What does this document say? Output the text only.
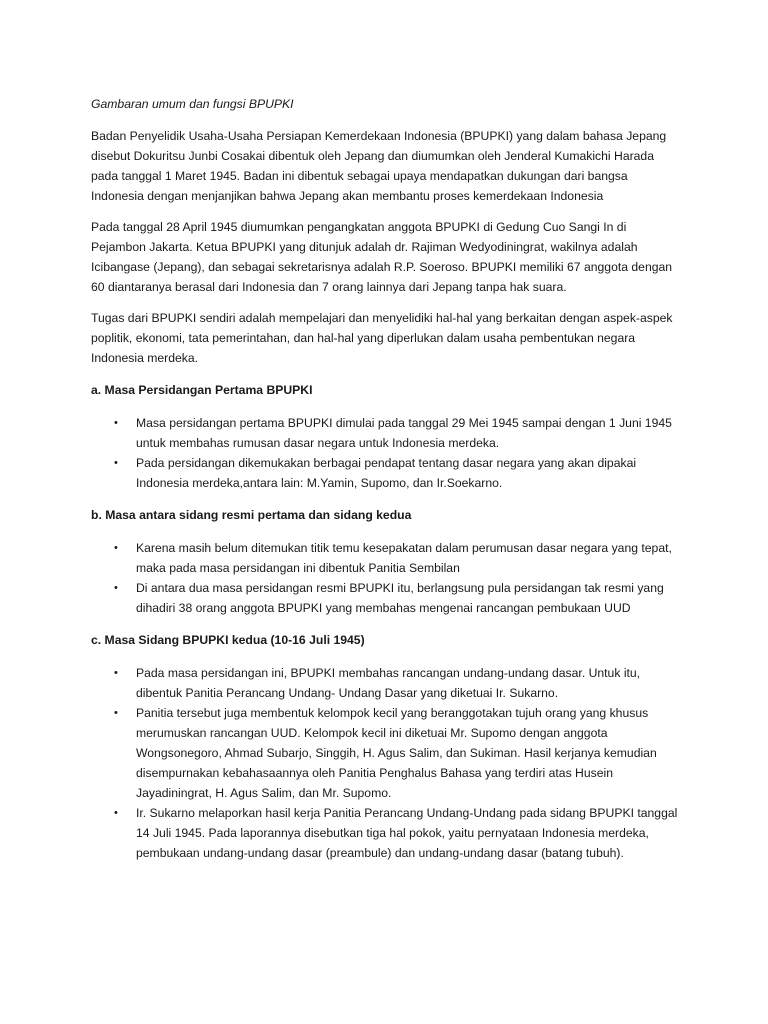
Gambaran umum dan fungsi BPUPKI

Badan Penyelidik Usaha-Usaha Persiapan Kemerdekaan Indonesia (BPUPKI) yang dalam bahasa Jepang disebut Dokuritsu Junbi Cosakai dibentuk oleh Jepang dan diumumkan oleh Jenderal Kumakichi Harada pada tanggal 1 Maret 1945. Badan ini dibentuk sebagai upaya mendapatkan dukungan dari bangsa Indonesia dengan menjanjikan bahwa Jepang akan membantu proses kemerdekaan Indonesia

Pada tanggal 28 April 1945 diumumkan pengangkatan anggota BPUPKI di Gedung Cuo Sangi In di Pejambon Jakarta. Ketua BPUPKI yang ditunjuk adalah dr. Rajiman Wedyodiningrat, wakilnya adalah Icibangase (Jepang), dan sebagai sekretarisnya adalah R.P. Soeroso. BPUPKI memiliki 67 anggota dengan 60 diantaranya berasal dari Indonesia dan 7 orang lainnya dari Jepang tanpa hak suara.

Tugas dari BPUPKI sendiri adalah mempelajari dan menyelidiki hal-hal yang berkaitan dengan aspek-aspek poplitik, ekonomi, tata pemerintahan, dan hal-hal yang diperlukan dalam usaha pembentukan negara Indonesia merdeka.

a. Masa Persidangan Pertama BPUPKI
• Masa persidangan pertama BPUPKI dimulai pada tanggal 29 Mei 1945 sampai dengan 1 Juni 1945 untuk membahas rumusan dasar negara untuk Indonesia merdeka.
• Pada persidangan dikemukakan berbagai pendapat tentang dasar negara yang akan dipakai Indonesia merdeka,antara lain: M.Yamin, Supomo, dan Ir.Soekarno.
b. Masa antara sidang resmi pertama dan sidang kedua
• Karena masih belum ditemukan titik temu kesepakatan dalam perumusan dasar negara yang tepat, maka pada masa persidangan ini dibentuk Panitia Sembilan
• Di antara dua masa persidangan resmi BPUPKI itu, berlangsung pula persidangan tak resmi yang dihadiri 38 orang anggota BPUPKI yang membahas mengenai rancangan pembukaan UUD
c. Masa Sidang BPUPKI kedua (10-16 Juli 1945)
• Pada masa persidangan ini, BPUPKI membahas rancangan undang-undang dasar. Untuk itu, dibentuk Panitia Perancang Undang- Undang Dasar yang diketuai Ir. Sukarno.
• Panitia tersebut juga membentuk kelompok kecil yang beranggotakan tujuh orang yang khusus merumuskan rancangan UUD. Kelompok kecil ini diketuai Mr. Supomo dengan anggota Wongsonegoro, Ahmad Subarjo, Singgih, H. Agus Salim, dan Sukiman. Hasil kerjanya kemudian disempurnakan kebahasaannya oleh Panitia Penghalus Bahasa yang terdiri atas Husein Jayadiningrat, H. Agus Salim, dan Mr. Supomo.
• Ir. Sukarno melaporkan hasil kerja Panitia Perancang Undang-Undang pada sidang BPUPKI tanggal 14 Juli 1945. Pada laporannya disebutkan tiga hal pokok, yaitu pernyataan Indonesia merdeka, pembukaan undang-undang dasar (preambule) dan undang-undang dasar (batang tubuh).
